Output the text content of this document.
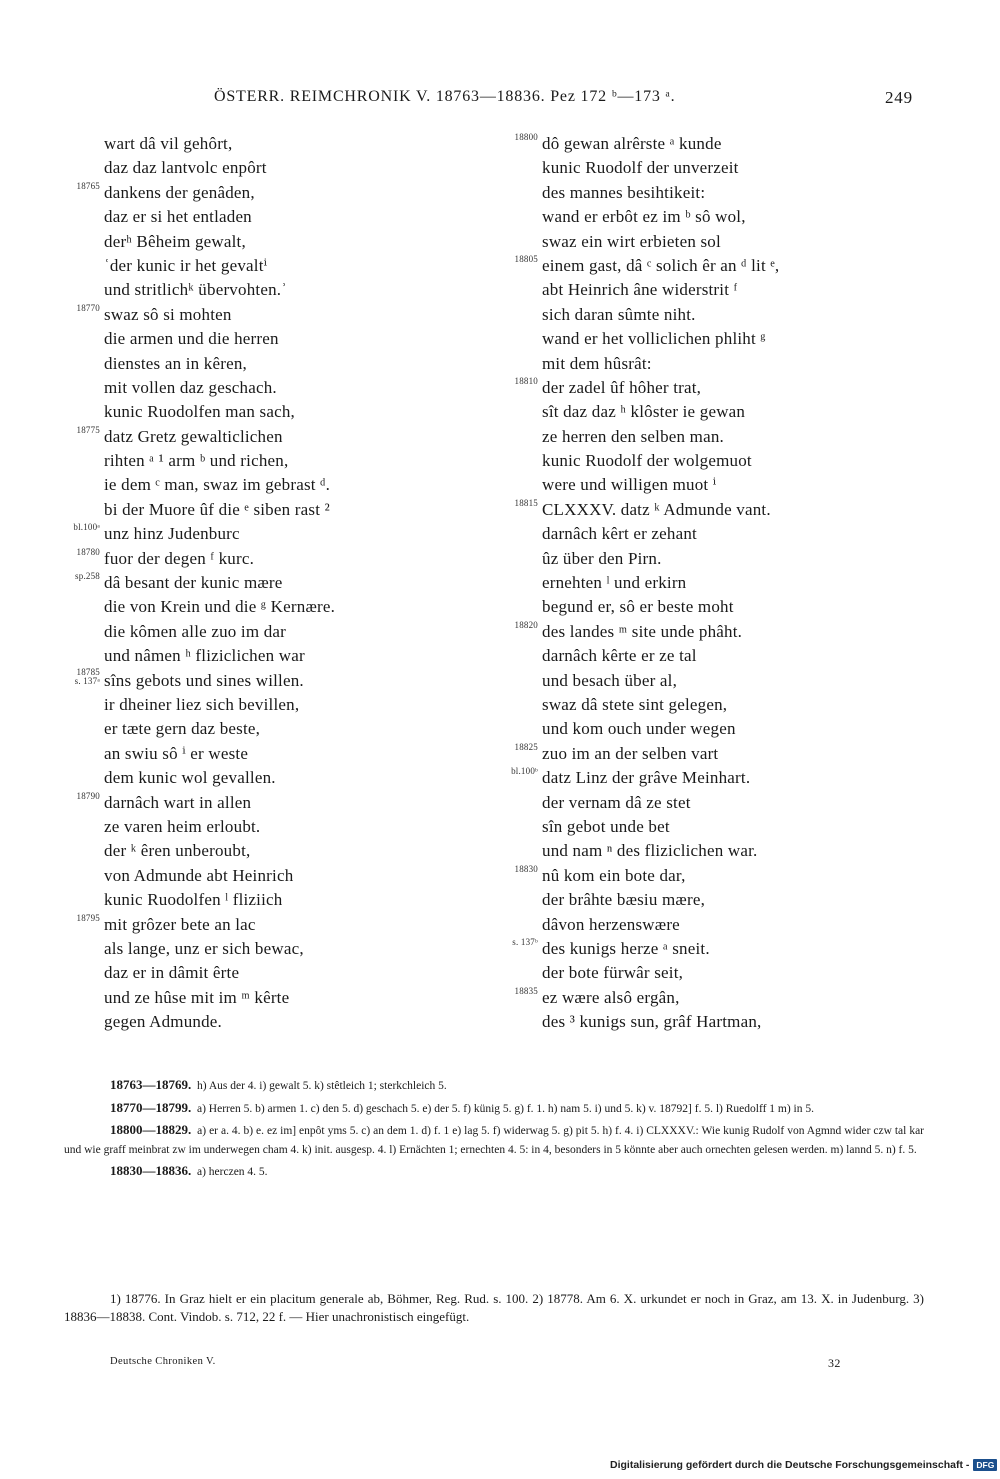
ÖSTERR. REIMCHRONIK V. 18763—18836. Pez 172 ᵇ—173 ᵃ.	249
wart dâ vil gehôrt,
daz daz lantvolc enpôrt
18765 dankens der genâden,
daz er si het entladen
derʰ Bêheim gewalt,
ʿder kunic ir het gevaltⁱ
und stritlichᵏ übervohten.ʾ
18770 swaz sô si mohten
die armen und die herren
dienstes an in kêren,
mit vollen daz geschach.
kunic Ruodolfen man sach,
18775 datz Gretz gewalticlichen
rihten ᵃ ¹ arm ᵇ und richen,
ie dem ᶜ man, swaz im gebrast ᵈ.
bi der Muore ûf die ᵉ siben rast ²
bl.100ᵃ unz hinz Judenburc
18780 fuor der degen ᶠ kurc.
sp.258 dâ besant der kunic mære
die von Krein und die ᵍ Kernære.
die kômen alle zuo im dar
und nâmen ʰ fliziclichen war
18785
s. 137ᵃ sîns gebots und sines willen.
ir dheiner liez sich bevillen,
er tæte gern daz beste,
an swiu sô ⁱ er weste
dem kunic wol gevallen.
18790 darnâch wart in allen
ze varen heim erloubt.
der ᵏ êren unberoubt,
von Admunde abt Heinrich
kunic Ruodolfen ˡ fliziich
18795 mit grôzer bete an lac
als lange, unz er sich bewac,
daz er in dâmit êrte
und ze hûse mit im ᵐ kêrte
gegen Admunde.
18800 dô gewan alrêrste ᵃ kunde
kunic Ruodolf der unverzeit
des mannes besihtikeit:
wand er erbôt ez im ᵇ sô wol,
swaz ein wirt erbieten sol
18805 einem gast, dâ ᶜ solich êr an ᵈ lit ᵉ,
abt Heinrich âne widerstrit ᶠ
sich daran sûmte niht.
wand er het volliclichen phliht ᵍ
mit dem hûsrât:
18810 der zadel ûf hôher trat,
sît daz daz ʰ klôster ie gewan
ze herren den selben man.
kunic Ruodolf der wolgemuot
were und willigen muot ⁱ
18815 CLXXXV. datz ᵏ Admunde vant.
darnâch kêrt er zehant
ûz über den Pirn.
ernehten ˡ und erkirn
begund er, sô er beste moht
18820 des landes ᵐ site unde phâht.
darnâch kêrte er ze tal
und besach über al,
swaz dâ stete sint gelegen,
und kom ouch under wegen
18825 zuo im an der selben vart
bl.100ᵇ datz Linz der grâve Meinhart.
der vernam dâ ze stet
sîn gebot unde bet
und nam ⁿ des fliziclichen war.
18830 nû kom ein bote dar,
der brâhte bæsiu mære,
dâvon herzenswære
s. 137ᵇ des kunigs herze ᵃ sneit.
der bote fürwâr seit,
18835 ez wære alsô ergân,
des ³ kunigs sun, grâf Hartman,

18763—18769. h) Aus der 4. i) gewalt 5. k) stêtleich 1; sterkchleich 5.

18770—18799. a) Herren 5. b) armen 1. c) den 5. d) geschach 5. e) der 5. f) künig 5. g) f. 1. h) nam 5. i) und 5. k) v. 18792] f. 5. l) Ruedolff 1 m) in 5.

18800—18829. a) er a. 4. b) e. ez im] enpôt yms 5. c) an dem 1. d) f. 1 e) lag 5. f) widerwag 5. g) pit 5. h) f. 4. i) CLXXXV.: Wie kunig Rudolf von Agmnd wider czw tal kar und wie graff meinbrat zw im underwegen cham 4. k) init. ausgesp. 4. l) Ernächten 1; ernechten 4. 5: in 4, besonders in 5 könnte aber auch ornechten gelesen werden. m) lannd 5. n) f. 5.

18830—18836. a) herczen 4. 5.

1) 18776. In Graz hielt er ein placitum generale ab, Böhmer, Reg. Rud. s. 100. 2) 18778. Am 6. X. urkundet er noch in Graz, am 13. X. in Judenburg. 3) 18836—18838. Cont. Vindob. s. 712, 22 f. — Hier unachronistisch eingefügt.

Deutsche Chroniken V.	32
Digitalisierung gefördert durch die Deutsche Forschungsgemeinschaft - DFG
